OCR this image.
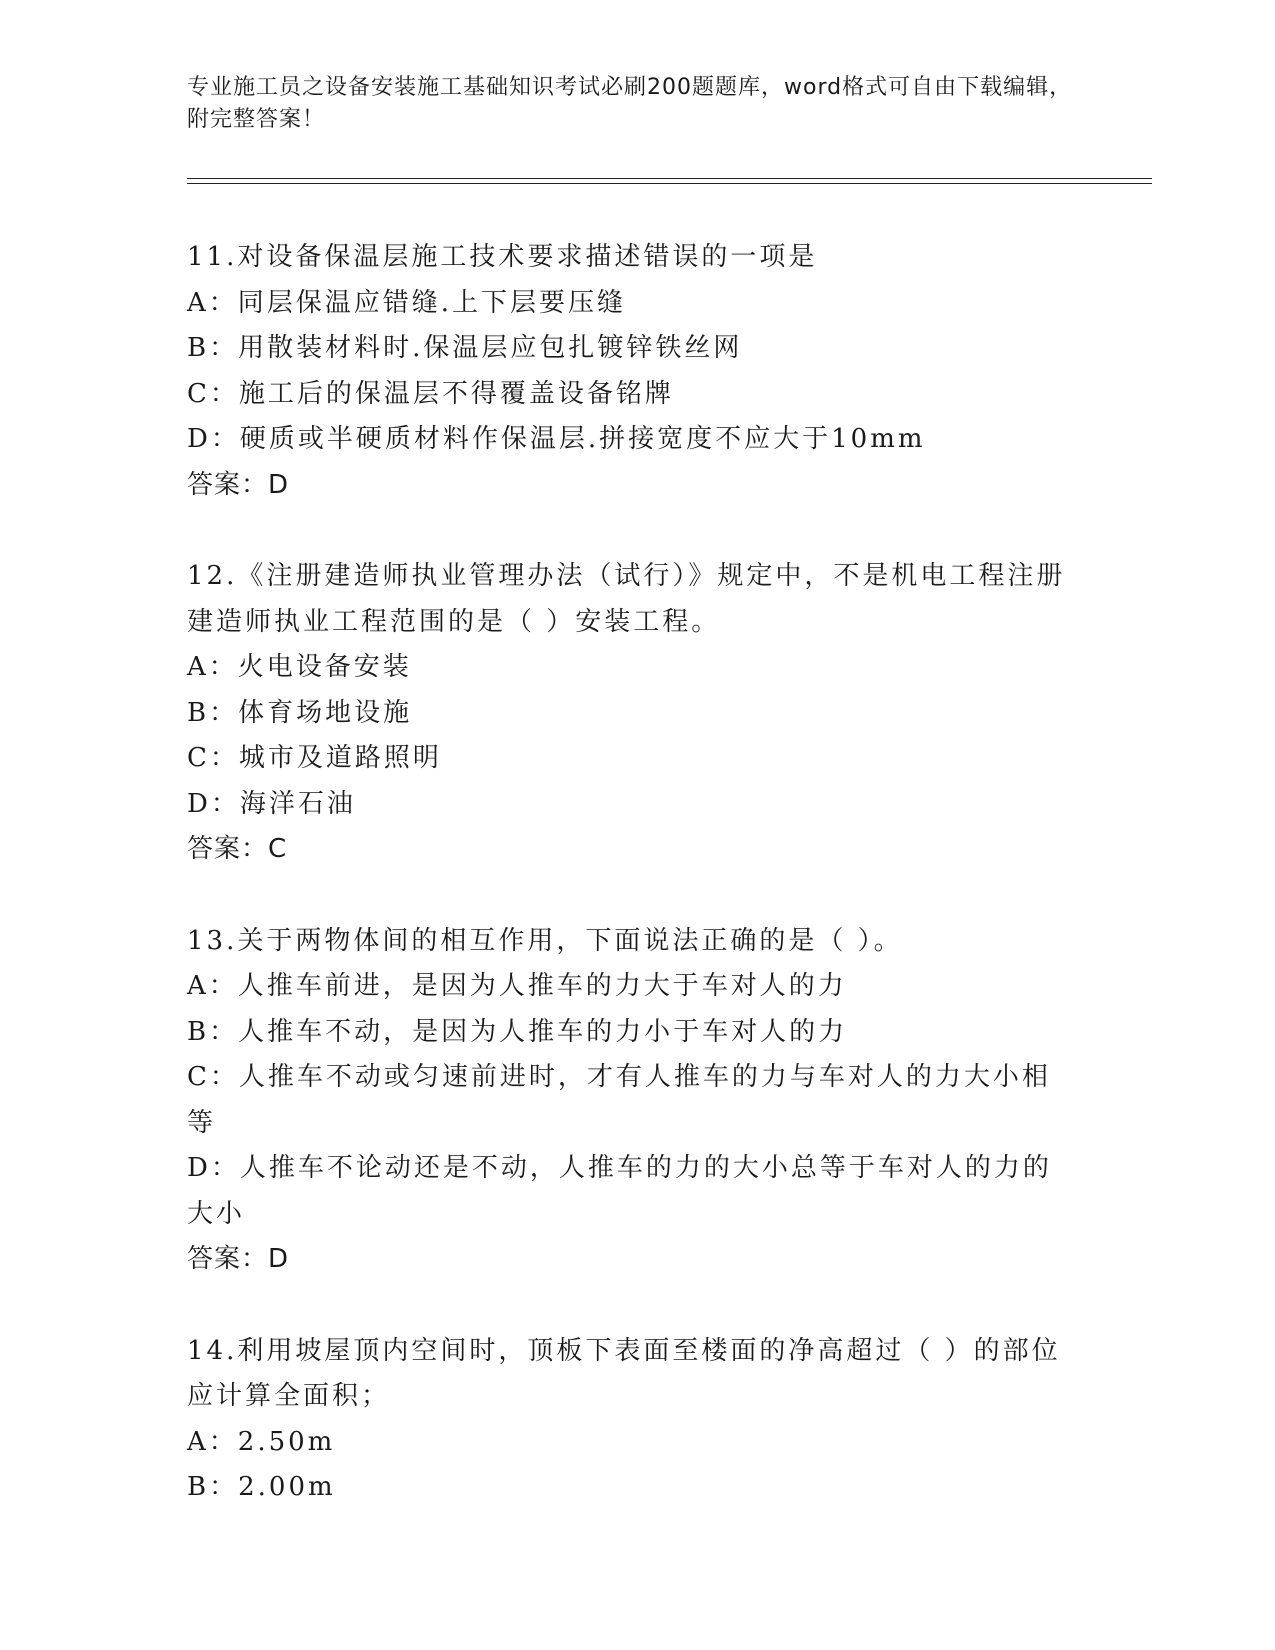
专业施工员之设备安装施工基础知识考试必刷200题题库，word格式可自由下载编辑，附完整答案！
11.对设备保温层施工技术要求描述错误的一项是
A：同层保温应错缝.上下层要压缝
B：用散装材料时.保温层应包扎镀锌铁丝网
C：施工后的保温层不得覆盖设备铭牌
D：硬质或半硬质材料作保温层.拼接宽度不应大于10mm
答案：D
12.《注册建造师执业管理办法（试行）》规定中，不是机电工程注册建造师执业工程范围的是（ ）安装工程。
A：火电设备安装
B：体育场地设施
C：城市及道路照明
D：海洋石油
答案：C
13.关于两物体间的相互作用，下面说法正确的是（ ）。
A：人推车前进，是因为人推车的力大于车对人的力
B：人推车不动，是因为人推车的力小于车对人的力
C：人推车不动或匀速前进时，才有人推车的力与车对人的力大小相等
D：人推车不论动还是不动，人推车的力的大小总等于车对人的力的大小
答案：D
14.利用坡屋顶内空间时，顶板下表面至楼面的净高超过（ ）的部位应计算全面积；
A：2.50m
B：2.00m
